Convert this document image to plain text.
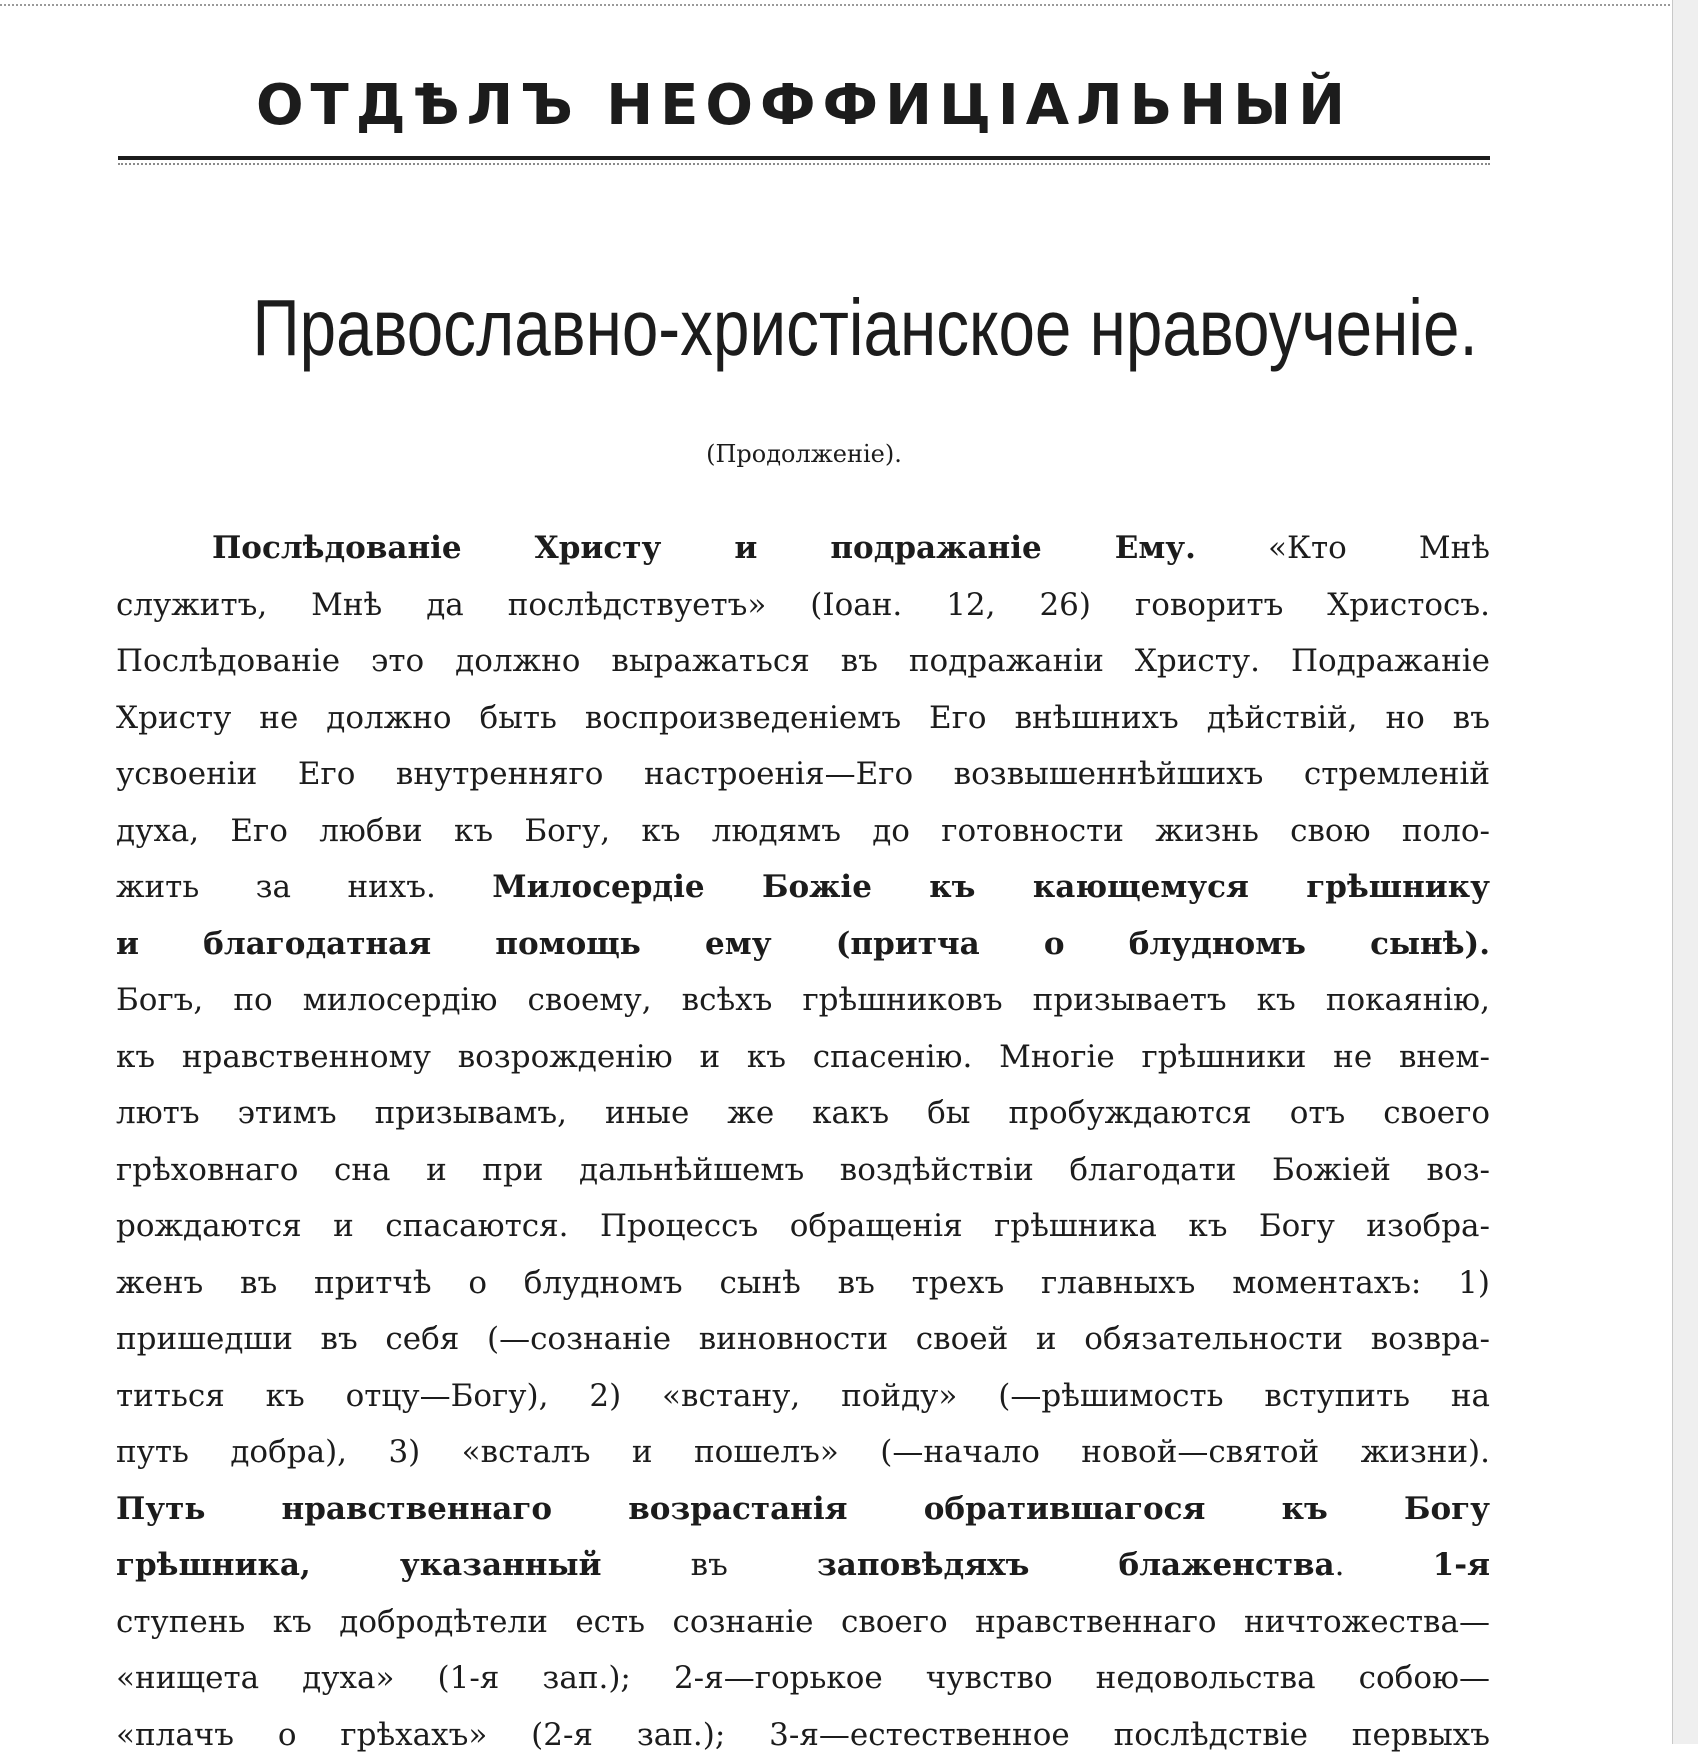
ОТДѢЛЪ НЕОФФИЦІАЛЬНЫЙ
Православно-христіанское нравоученіе.
(Продолженіе).
Послѣдованіе Христу и подражаніе Ему. «Кто Мнѣ
служитъ, Мнѣ да послѣдствуетъ» (Іоан. 12, 26) говоритъ Христосъ.
Послѣдованіе это должно выражаться въ подражаніи Христу. Подражаніе
Христу не должно быть воспроизведеніемъ Его внѣшнихъ дѣйствій, но въ
усвоеніи Его внутренняго настроенія—Его возвышеннѣйшихъ стремленій
духа, Его любви къ Богу, къ людямъ до готовности жизнь свою поло-
жить за нихъ. Милосердіе Божіе къ кающемуся грѣшнику
и благодатная помощь ему (притча о блудномъ сынѣ).
Богъ, по милосердію своему, всѣхъ грѣшниковъ призываетъ къ покаянію,
къ нравственному возрожденію и къ спасенію. Многіе грѣшники не внем-
лютъ этимъ призывамъ, иные же какъ бы пробуждаются отъ своего
грѣховнаго сна и при дальнѣйшемъ воздѣйствіи благодати Божіей воз-
рождаются и спасаются. Процессъ обращенія грѣшника къ Богу изобра-
женъ въ притчѣ о блудномъ сынѣ въ трехъ главныхъ моментахъ: 1)
пришедши въ себя (—сознаніе виновности своей и обязательности возвра-
титься къ отцу—Богу), 2) «встану, пойду» (—рѣшимость вступить на
путь добра), 3) «всталъ и пошелъ» (—начало новой—святой жизни).
Путь нравственнаго возрастанія обратившагося къ Богу
грѣшника, указанный въ заповѣдяхъ блаженства. 1-я
ступень къ добродѣтели есть сознаніе своего нравственнаго ничтожества—
«нищета духа» (1-я зап.); 2-я—горькое чувство недовольства собою—
«плачъ о грѣхахъ» (2-я зап.); 3-я—естественное послѣдствіе первыхъ
